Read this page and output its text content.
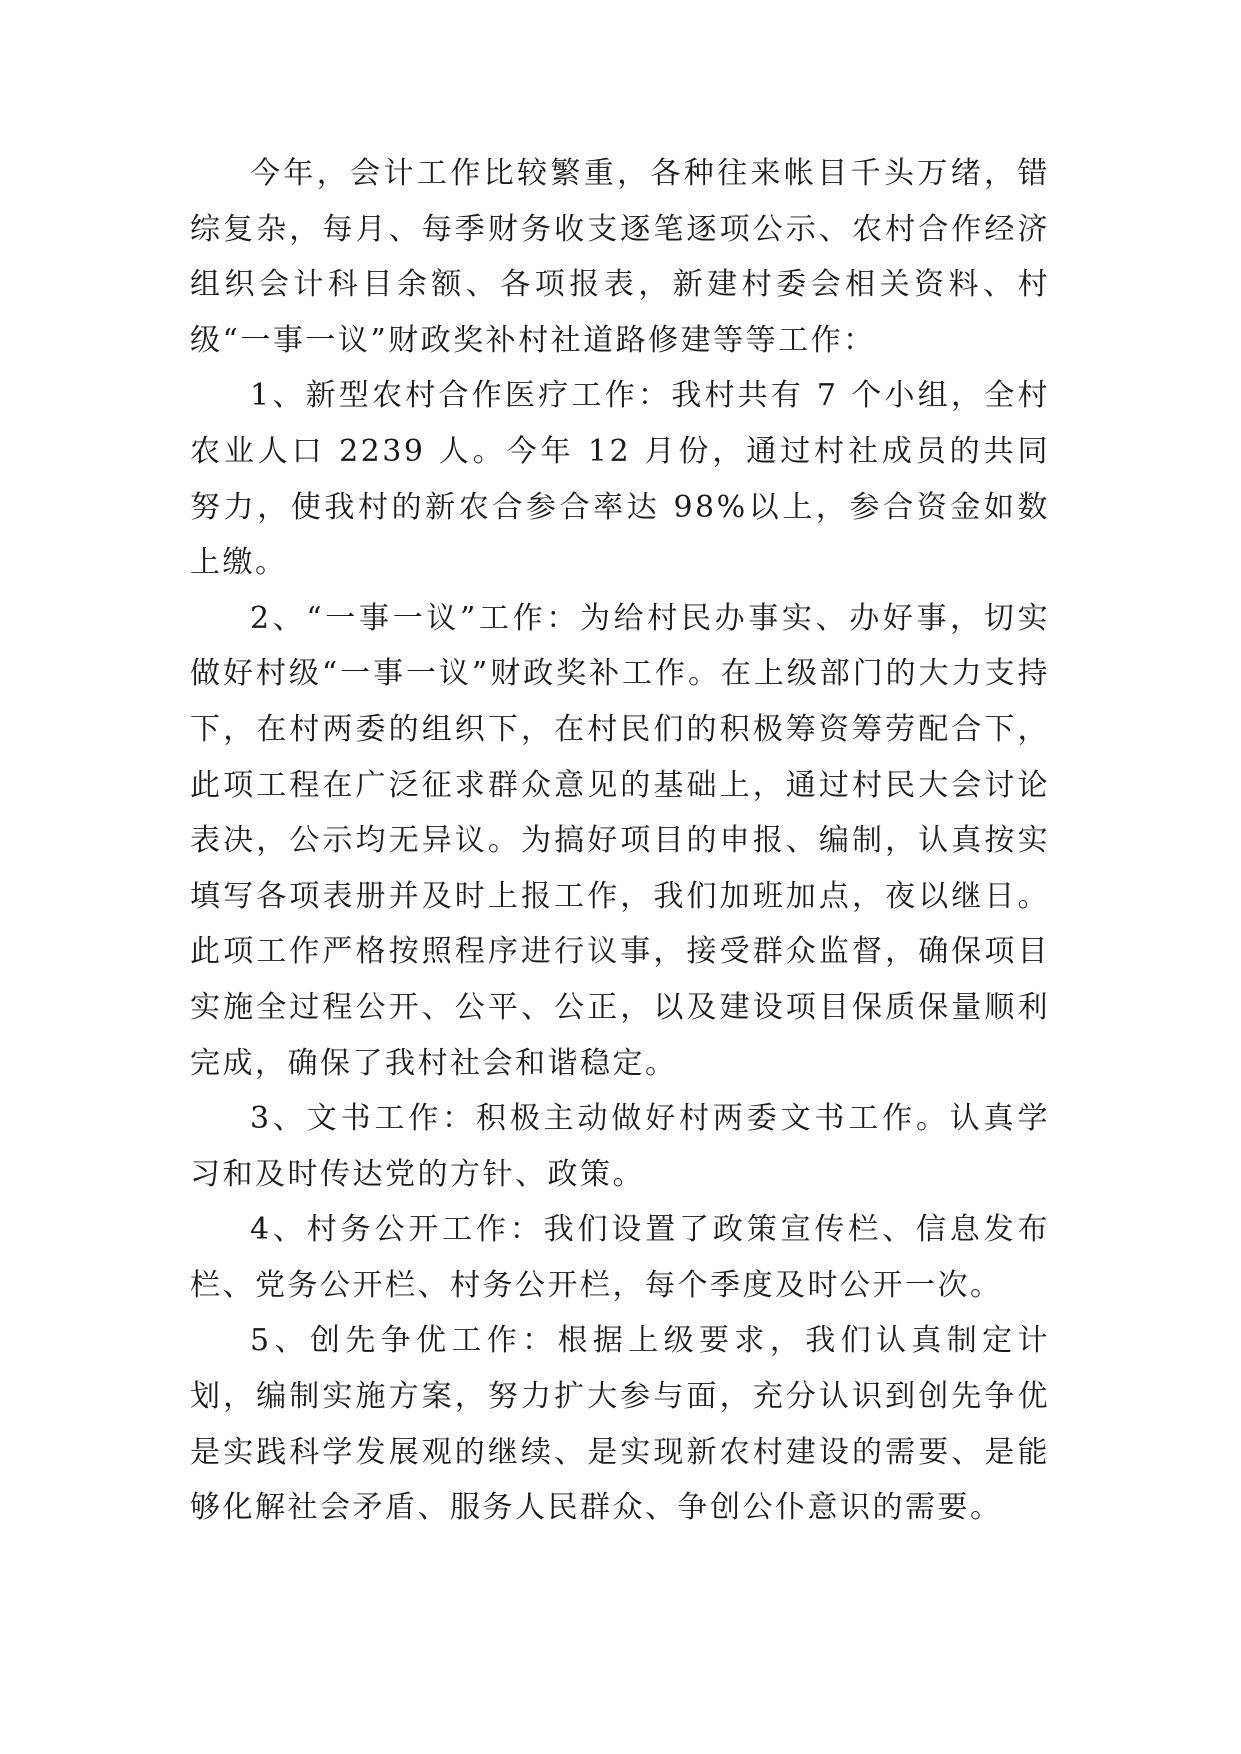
今年，会计工作比较繁重，各种往来帐目千头万绪，错综复杂，每月、每季财务收支逐笔逐项公示、农村合作经济组织会计科目余额、各项报表，新建村委会相关资料、村级“一事一议”财政奖补村社道路修建等等工作：

1、新型农村合作医疗工作：我村共有 7 个小组，全村农业人口 2239 人。今年 12 月份，通过村社成员的共同努力，使我村的新农合参合率达 98%以上，参合资金如数上缴。

2、“一事一议”工作：为给村民办事实、办好事，切实做好村级“一事一议”财政奖补工作。在上级部门的大力支持下，在村两委的组织下，在村民们的积极筹资筹劳配合下，此项工程在广泛征求群众意见的基础上，通过村民大会讨论表决，公示均无异议。为搞好项目的申报、编制，认真按实填写各项表册并及时上报工作，我们加班加点，夜以继日。此项工作严格按照程序进行议事，接受群众监督，确保项目实施全过程公开、公平、公正，以及建设项目保质保量顺利完成，确保了我村社会和谐稳定。

3、文书工作：积极主动做好村两委文书工作。认真学习和及时传达党的方针、政策。

4、村务公开工作：我们设置了政策宣传栏、信息发布栏、党务公开栏、村务公开栏，每个季度及时公开一次。

5、创先争优工作：根据上级要求，我们认真制定计划，编制实施方案，努力扩大参与面，充分认识到创先争优是实践科学发展观的继续、是实现新农村建设的需要、是能够化解社会矛盾、服务人民群众、争创公仆意识的需要。
